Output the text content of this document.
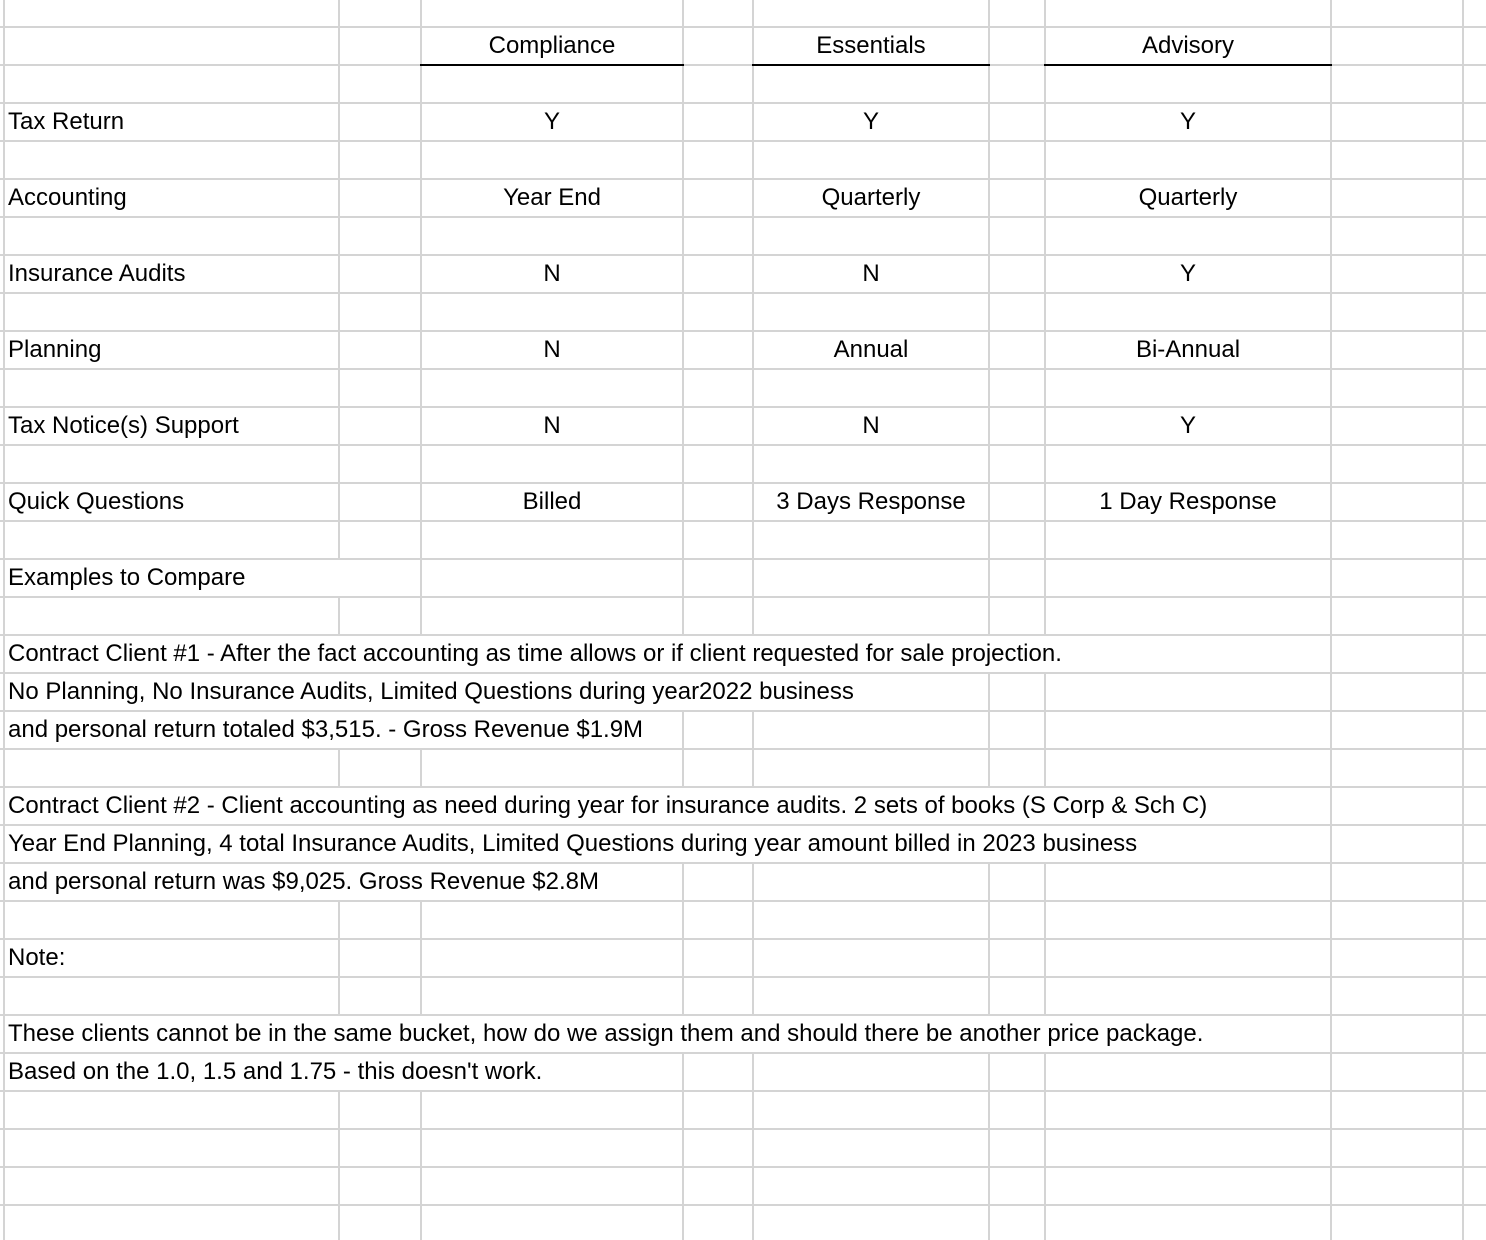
Compliance	Essentials	Advisory
Tax Return	Y	Y	Y
Accounting	Year End	Quarterly	Quarterly
Insurance Audits	N	N	Y
Planning	N	Annual	Bi-Annual
Tax Notice(s) Support	N	N	Y
Quick Questions	Billed	3 Days Response	1 Day Response
Examples to Compare
Contract Client #1 - After the fact accounting as time allows or if client requested for sale projection.
No Planning, No Insurance Audits, Limited Questions during year2022 business
and personal return totaled $3,515. - Gross Revenue $1.9M
Contract Client #2 - Client accounting as need during year for insurance audits. 2 sets of books (S Corp & Sch C)
Year End Planning, 4 total Insurance Audits, Limited Questions during year amount billed in 2023 business
and personal return was $9,025. Gross Revenue $2.8M
Note:
These clients cannot be in the same bucket, how do we assign them and should there be another price package.
Based on the 1.0, 1.5 and 1.75 - this doesn't work.
